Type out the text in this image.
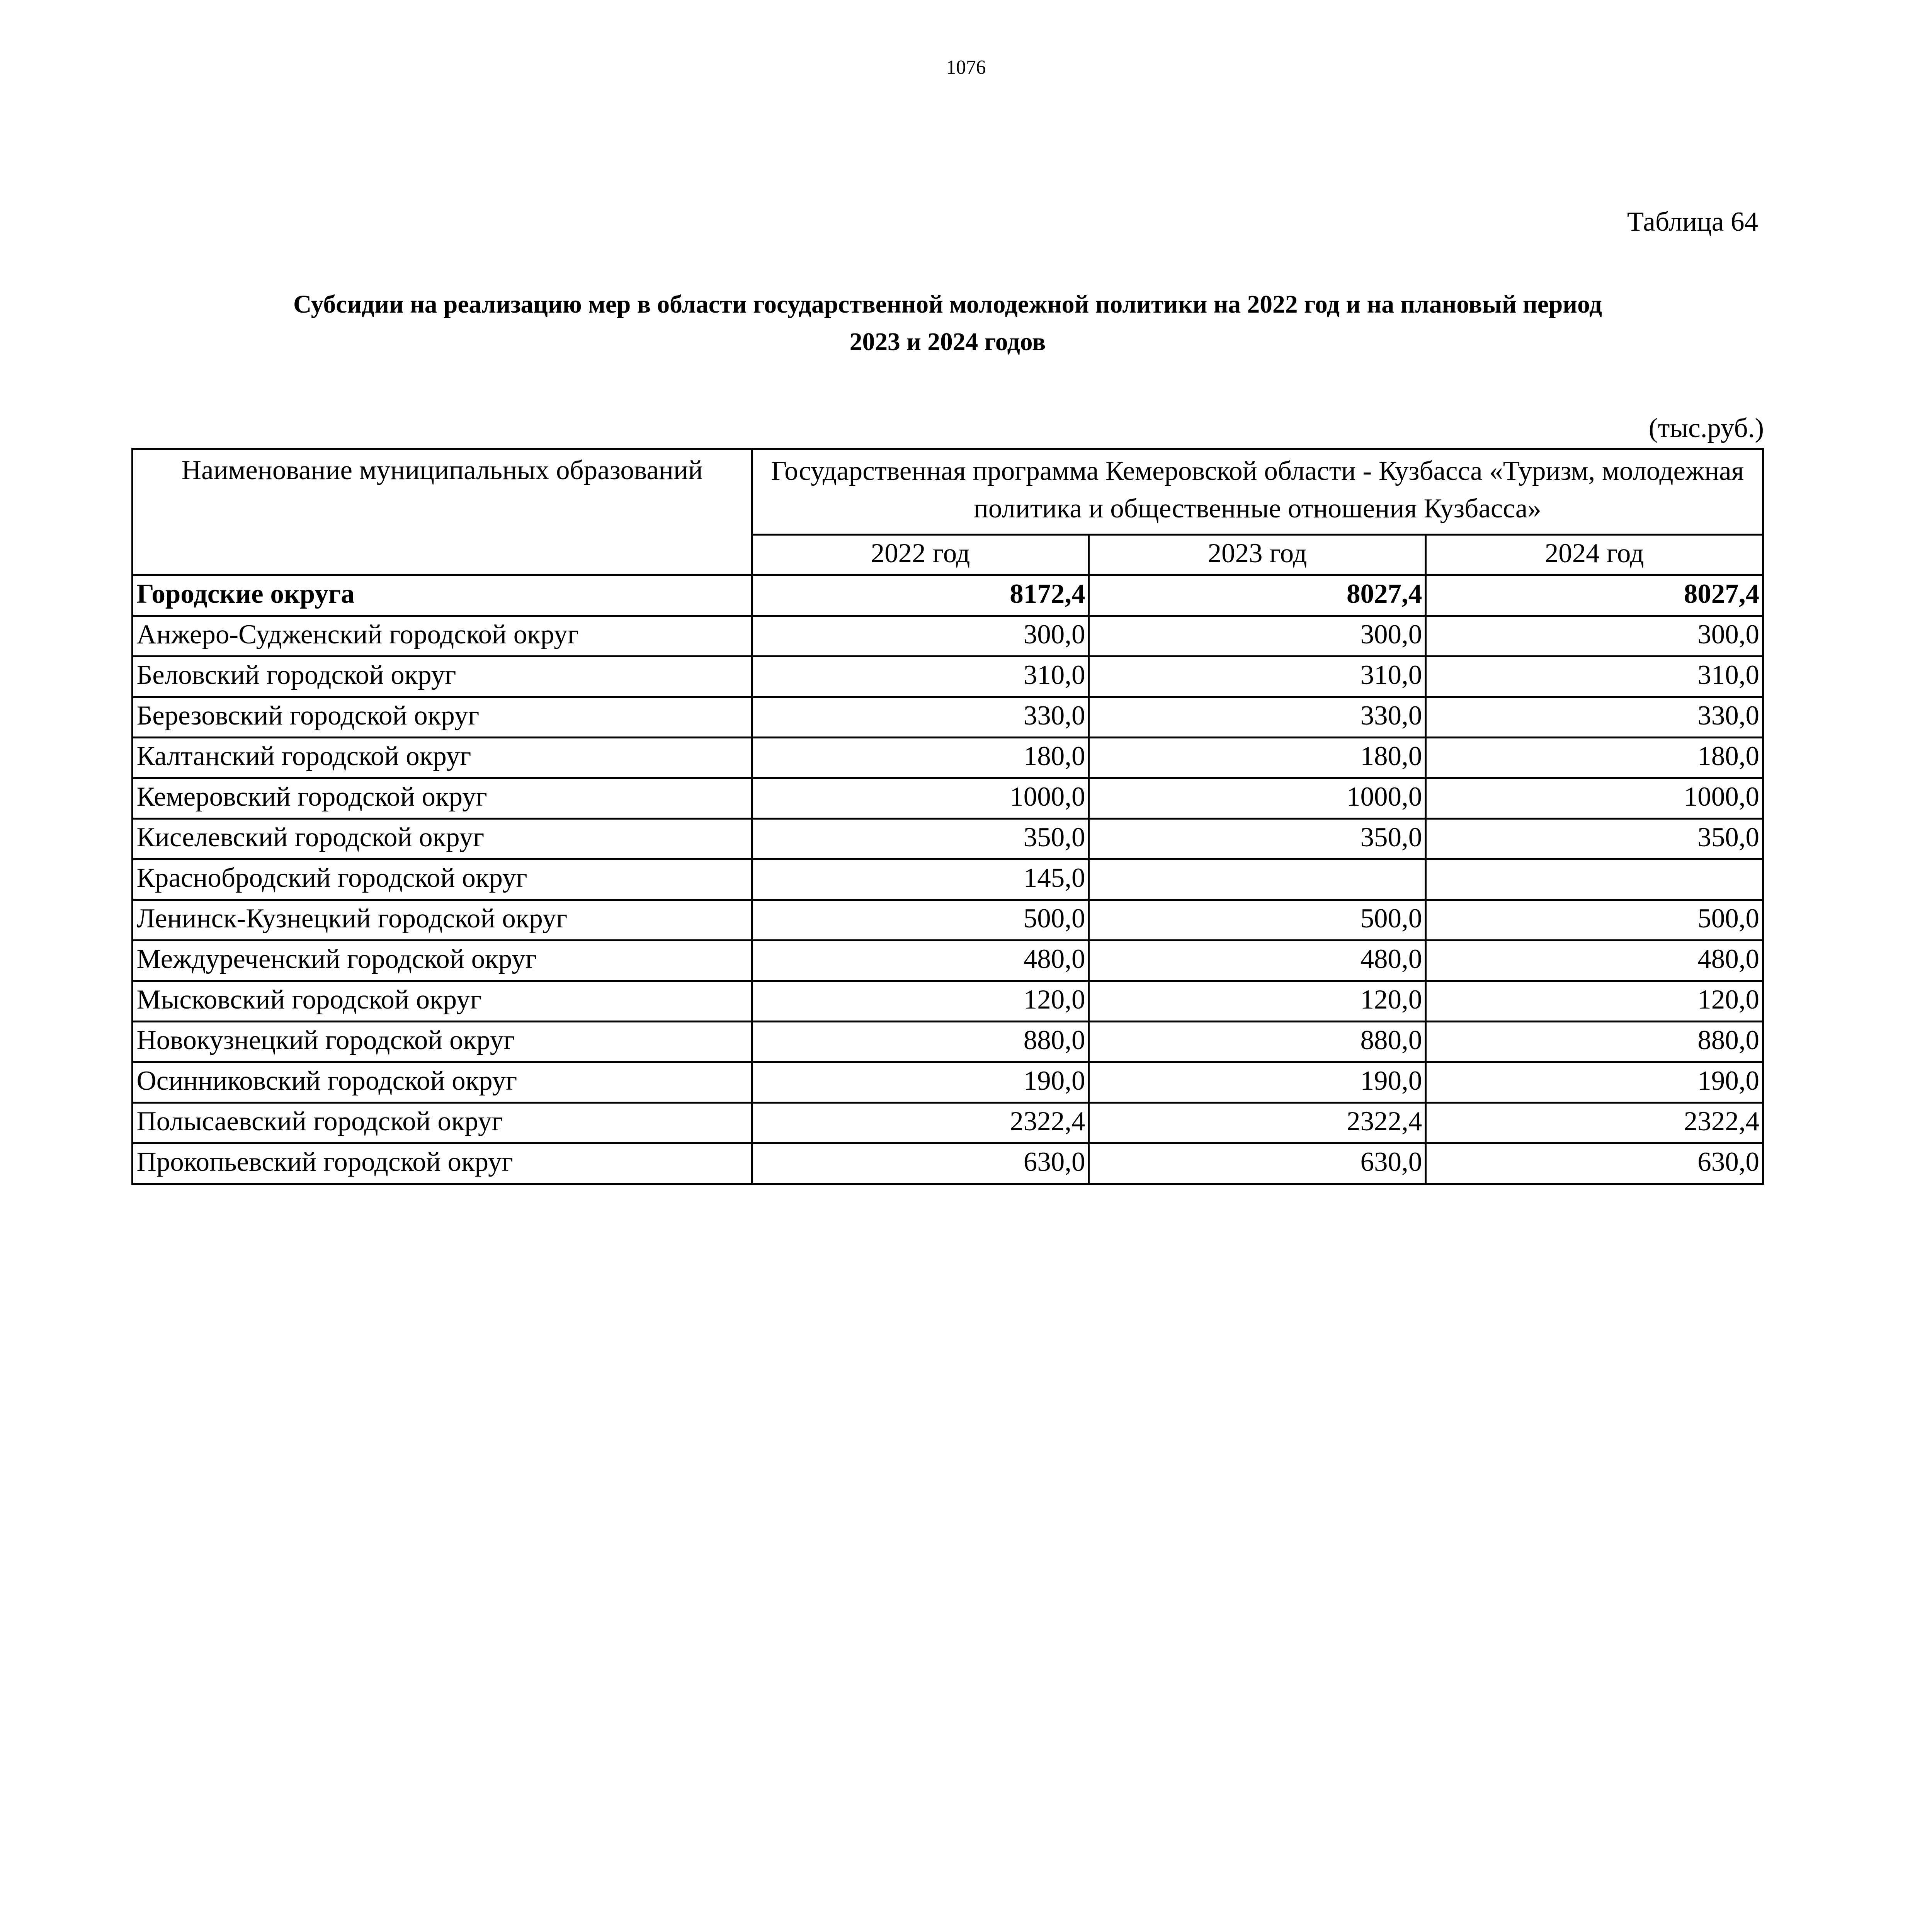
1076
Таблица 64
Субсидии на реализацию мер в области государственной молодежной политики на 2022 год и на плановый период
2023 и 2024 годов
(тыс.руб.)
Наименование муниципальных образований	Государственная программа Кемеровской области - Кузбасса «Туризм, молодежная политика и общественные отношения Кузбасса»		
	2022 год	2023 год	2024 год
Городские округа	8172,4	8027,4	8027,4
Анжеро-Судженский городской округ	300,0	300,0	300,0
Беловский городской округ	310,0	310,0	310,0
Березовский городской округ	330,0	330,0	330,0
Калтанский городской округ	180,0	180,0	180,0
Кемеровский городской округ	1000,0	1000,0	1000,0
Киселевский городской округ	350,0	350,0	350,0
Краснобродский городской округ	145,0		
Ленинск-Кузнецкий городской округ	500,0	500,0	500,0
Междуреченский городской округ	480,0	480,0	480,0
Мысковский городской округ	120,0	120,0	120,0
Новокузнецкий городской округ	880,0	880,0	880,0
Осинниковский городской округ	190,0	190,0	190,0
Полысаевский городской округ	2322,4	2322,4	2322,4
Прокопьевский городской округ	630,0	630,0	630,0
